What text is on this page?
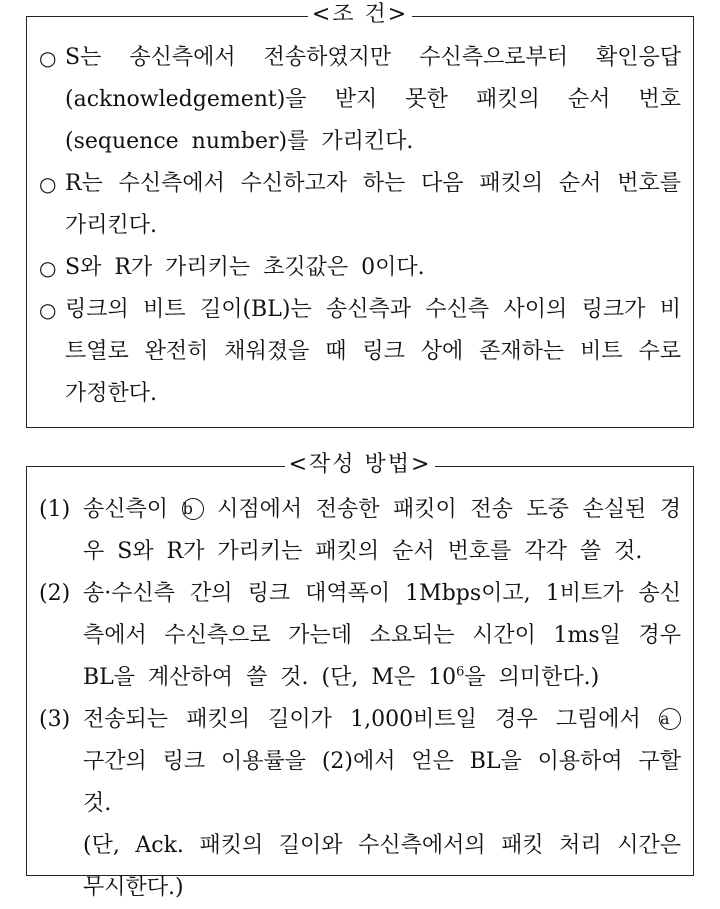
<조 건>
○ S는 송신측에서 전송하였지만 수신측으로부터 확인응답(acknowledgement)을 받지 못한 패킷의 순서 번호(sequence number)를 가리킨다.
○ R는 수신측에서 수신하고자 하는 다음 패킷의 순서 번호를 가리킨다.
○ S와 R가 가리키는 초깃값은 0이다.
○ 링크의 비트 길이(BL)는 송신측과 수신측 사이의 링크가 비트열로 완전히 채워졌을 때 링크 상에 존재하는 비트 수로 가정한다.
<작성 방법>
(1) 송신측이 b 시점에서 전송한 패킷이 전송 도중 손실된 경우 S와 R가 가리키는 패킷의 순서 번호를 각각 쓸 것.
(2) 송·수신측 간의 링크 대역폭이 1Mbps이고, 1비트가 송신측에서 수신측으로 가는데 소요되는 시간이 1ms일 경우 BL을 계산하여 쓸 것. (단, M은 $10^6$을 의미한다.)
(3) 전송되는 패킷의 길이가 1,000비트일 경우 그림에서 a 구간의 링크 이용률을 (2)에서 얻은 BL을 이용하여 구할 것.
(단, Ack. 패킷의 길이와 수신측에서의 패킷 처리 시간은 무시한다.)
